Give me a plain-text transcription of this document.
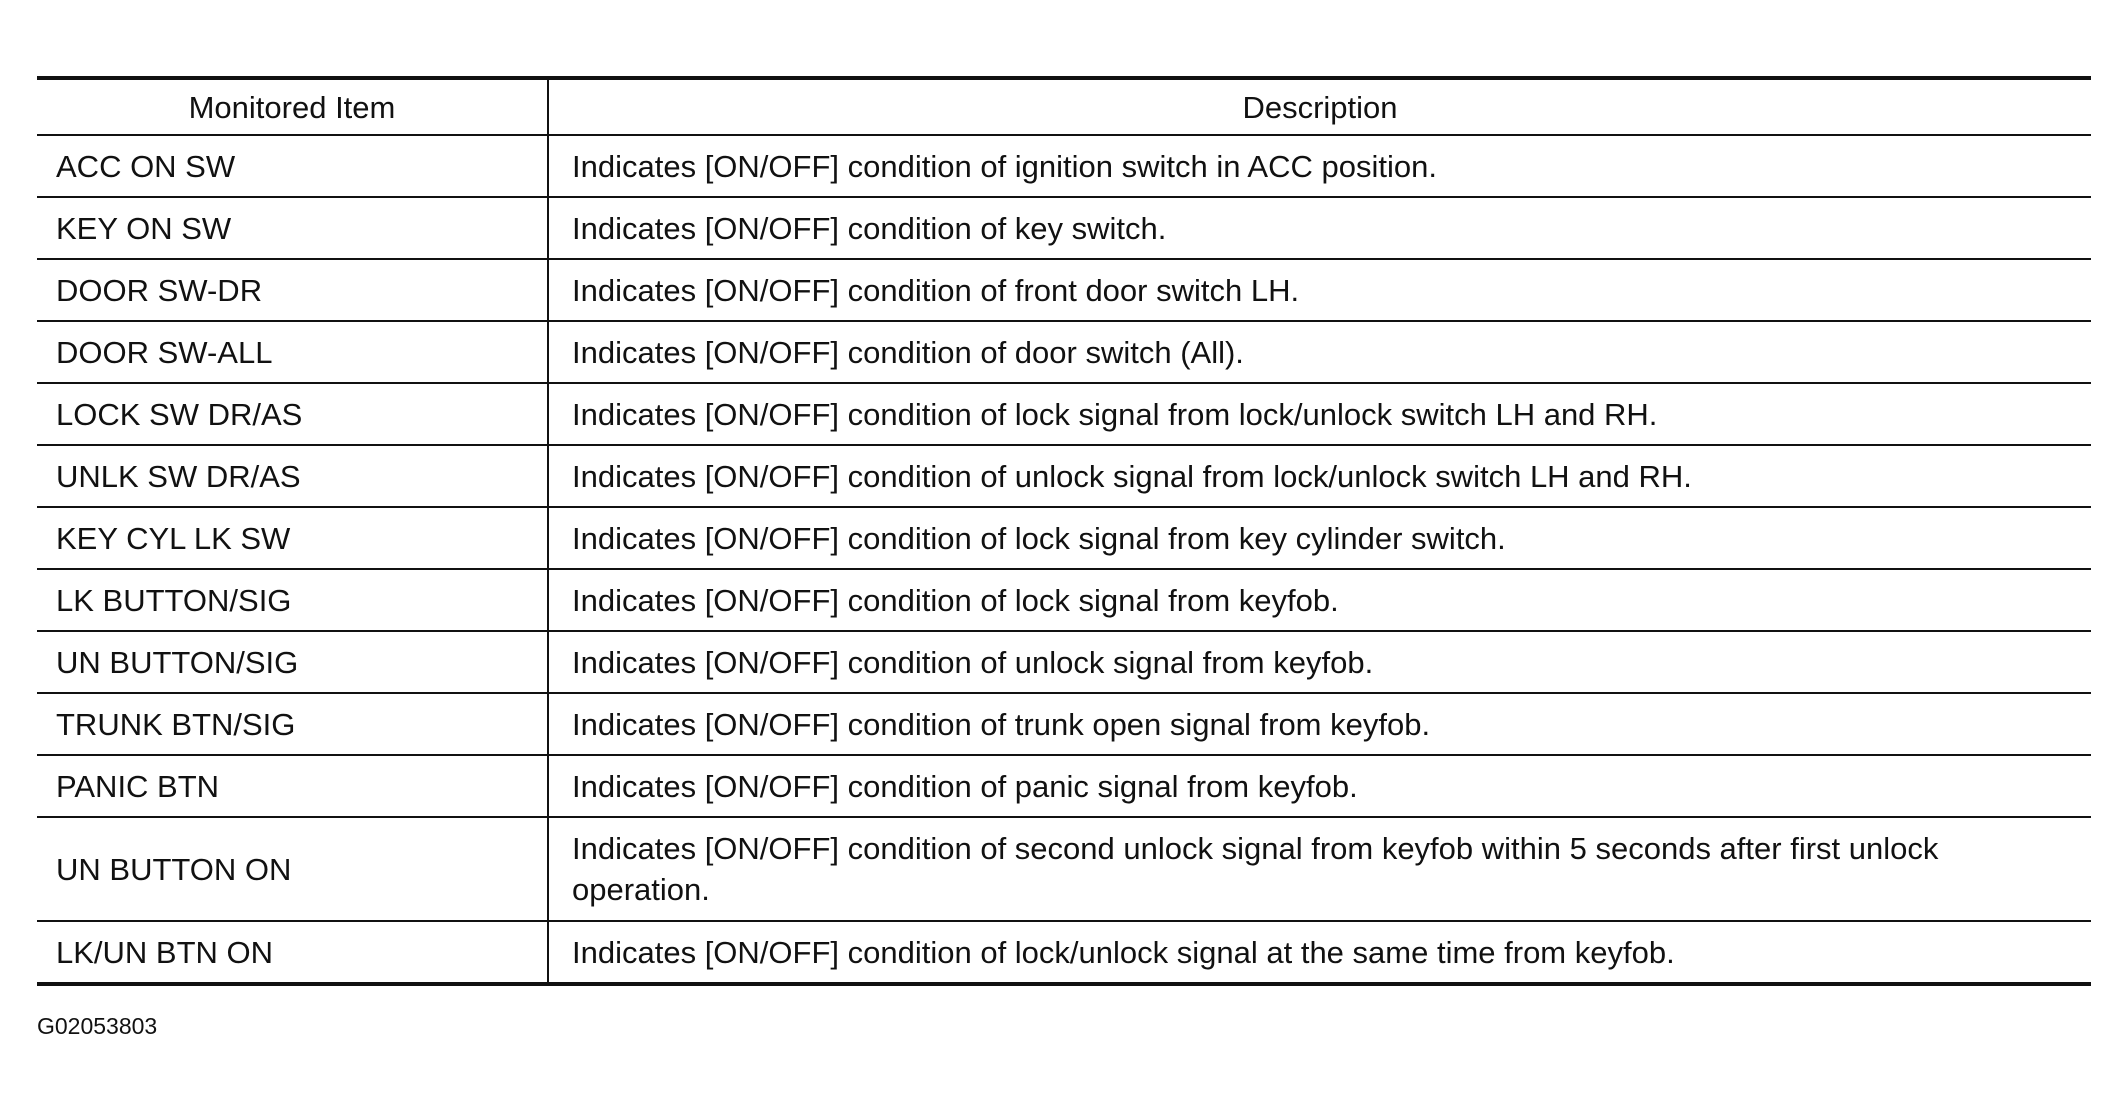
Monitored Item	Description
ACC ON SW	Indicates [ON/OFF] condition of ignition switch in ACC position.
KEY ON SW	Indicates [ON/OFF] condition of key switch.
DOOR SW-DR	Indicates [ON/OFF] condition of front door switch LH.
DOOR SW-ALL	Indicates [ON/OFF] condition of door switch (All).
LOCK SW DR/AS	Indicates [ON/OFF] condition of lock signal from lock/unlock switch LH and RH.
UNLK SW DR/AS	Indicates [ON/OFF] condition of unlock signal from lock/unlock switch LH and RH.
KEY CYL LK SW	Indicates [ON/OFF] condition of lock signal from key cylinder switch.
LK BUTTON/SIG	Indicates [ON/OFF] condition of lock signal from keyfob.
UN BUTTON/SIG	Indicates [ON/OFF] condition of unlock signal from keyfob.
TRUNK BTN/SIG	Indicates [ON/OFF] condition of trunk open signal from keyfob.
PANIC BTN	Indicates [ON/OFF] condition of panic signal from keyfob.
UN BUTTON ON	Indicates [ON/OFF] condition of second unlock signal from keyfob within 5 seconds after first unlock operation.
LK/UN BTN ON	Indicates [ON/OFF] condition of lock/unlock signal at the same time from keyfob.
G02053803
